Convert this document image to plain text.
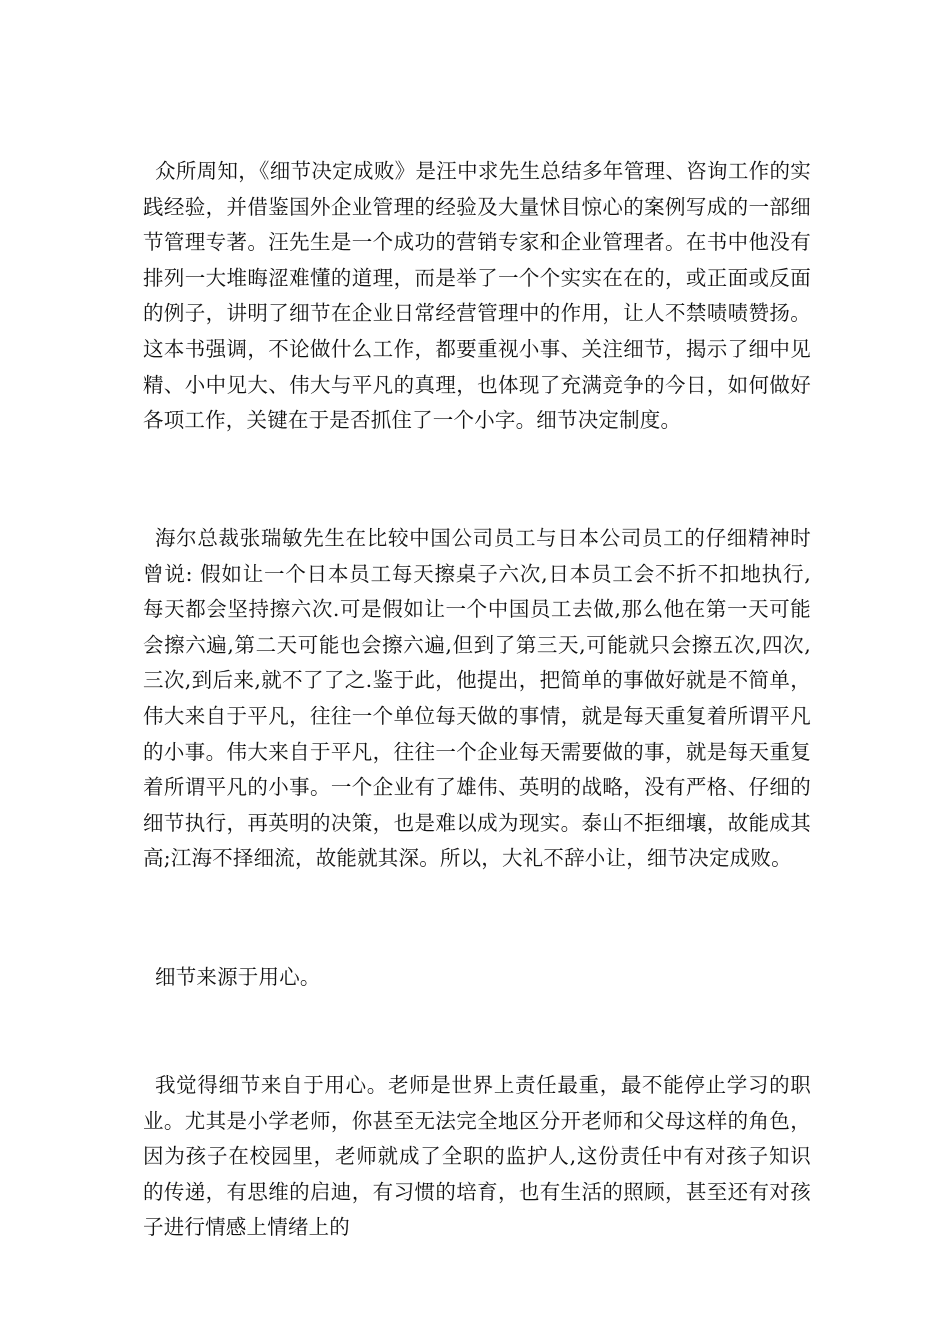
众所周知，《细节决定成败》是汪中求先生总结多年管理、咨询工作的实践经验，并借鉴国外企业管理的经验及大量怵目惊心的案例写成的一部细节管理专著。汪先生是一个成功的营销专家和企业管理者。在书中他没有排列一大堆晦涩难懂的道理，而是举了一个个实实在在的，或正面或反面的例子，讲明了细节在企业日常经营管理中的作用，让人不禁啧啧赞扬。这本书强调，不论做什么工作，都要重视小事、关注细节，揭示了细中见精、小中见大、伟大与平凡的真理，也体现了充满竞争的今日，如何做好各项工作，关键在于是否抓住了一个小字。细节决定制度。

海尔总裁张瑞敏先生在比较中国公司员工与日本公司员工的仔细精神时曾说: 假如让一个日本员工每天擦桌子六次,日本员工会不折不扣地执行,每天都会坚持擦六次.可是假如让一个中国员工去做,那么他在第一天可能会擦六遍,第二天可能也会擦六遍,但到了第三天,可能就只会擦五次,四次,三次,到后来,就不了了之.鉴于此，他提出，把简单的事做好就是不简单，伟大来自于平凡，往往一个单位每天做的事情，就是每天重复着所谓平凡的小事。伟大来自于平凡，往往一个企业每天需要做的事，就是每天重复着所谓平凡的小事。一个企业有了雄伟、英明的战略，没有严格、仔细的细节执行，再英明的决策，也是难以成为现实。泰山不拒细壤，故能成其高;江海不择细流，故能就其深。所以，大礼不辞小让，细节决定成败。

细节来源于用心。

我觉得细节来自于用心。老师是世界上责任最重，最不能停止学习的职业。尤其是小学老师，你甚至无法完全地区分开老师和父母这样的角色，因为孩子在校园里，老师就成了全职的监护人,这份责任中有对孩子知识的传递，有思维的启迪，有习惯的培育，也有生活的照顾，甚至还有对孩子进行情感上情绪上的
